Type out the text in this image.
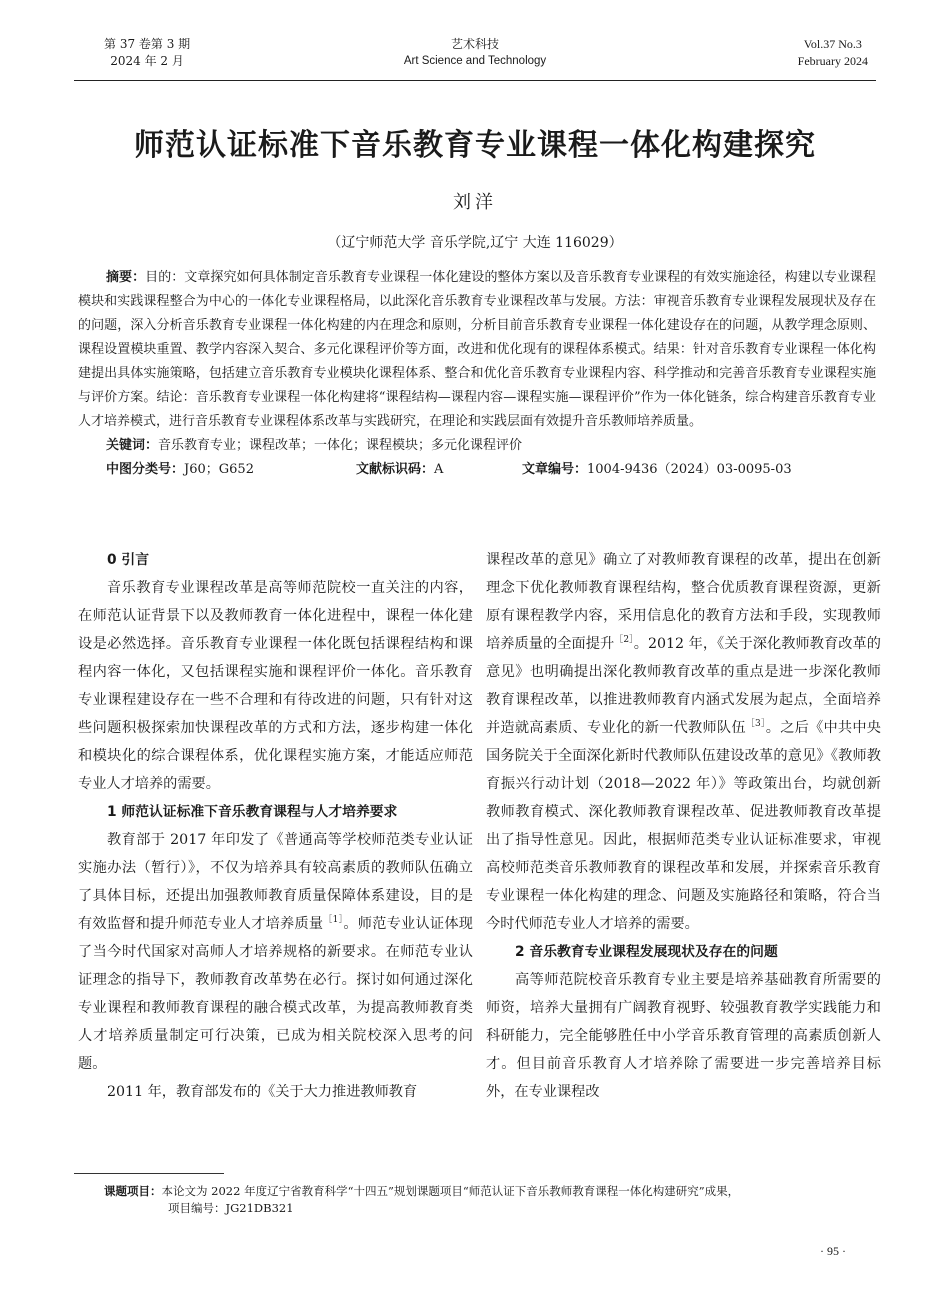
第 37 卷第 3 期
2024 年 2 月
艺术科技
Art Science and Technology
Vol.37 No.3
February 2024
师范认证标准下音乐教育专业课程一体化构建探究
刘洋
（辽宁师范大学 音乐学院,辽宁 大连 116029）
摘要：目的：文章探究如何具体制定音乐教育专业课程一体化建设的整体方案以及音乐教育专业课程的有效实施途径，构建以专业课程模块和实践课程整合为中心的一体化专业课程格局，以此深化音乐教育专业课程改革与发展。方法：审视音乐教育专业课程发展现状及存在的问题，深入分析音乐教育专业课程一体化构建的内在理念和原则，分析目前音乐教育专业课程一体化建设存在的问题，从教学理念原则、课程设置模块重置、教学内容深入契合、多元化课程评价等方面，改进和优化现有的课程体系模式。结果：针对音乐教育专业课程一体化构建提出具体实施策略，包括建立音乐教育专业模块化课程体系、整合和优化音乐教育专业课程内容、科学推动和完善音乐教育专业课程实施与评价方案。结论：音乐教育专业课程一体化构建将“课程结构—课程内容—课程实施—课程评价”作为一体化链条，综合构建音乐教育专业人才培养模式，进行音乐教育专业课程体系改革与实践研究，在理论和实践层面有效提升音乐教师培养质量。
关键词：音乐教育专业；课程改革；一体化；课程模块；多元化课程评价
中图分类号：J60；G652	文献标识码：A	文章编号：1004-9436（2024）03-0095-03
0 引言

音乐教育专业课程改革是高等师范院校一直关注的内容，在师范认证背景下以及教师教育一体化进程中，课程一体化建设是必然选择。音乐教育专业课程一体化既包括课程结构和课程内容一体化，又包括课程实施和课程评价一体化。音乐教育专业课程建设存在一些不合理和有待改进的问题，只有针对这些问题积极探索加快课程改革的方式和方法，逐步构建一体化和模块化的综合课程体系，优化课程实施方案，才能适应师范专业人才培养的需要。

1 师范认证标准下音乐教育课程与人才培养要求

教育部于 2017 年印发了《普通高等学校师范类专业认证实施办法（暂行）》，不仅为培养具有较高素质的教师队伍确立了具体目标，还提出加强教师教育质量保障体系建设，目的是有效监督和提升师范专业人才培养质量$^{[1]}$。师范专业认证体现了当今时代国家对高师人才培养规格的新要求。在师范专业认证理念的指导下，教师教育改革势在必行。探讨如何通过深化专业课程和教师教育课程的融合模式改革，为提高教师教育类人才培养质量制定可行决策，已成为相关院校深入思考的问题。

2011 年，教育部发布的《关于大力推进教师教育

课程改革的意见》确立了对教师教育课程的改革，提出在创新理念下优化教师教育课程结构，整合优质教育课程资源，更新原有课程教学内容，采用信息化的教育方法和手段，实现教师培养质量的全面提升$^{[2]}$。2012 年，《关于深化教师教育改革的意见》也明确提出深化教师教育改革的重点是进一步深化教师教育课程改革，以推进教师教育内涵式发展为起点，全面培养并造就高素质、专业化的新一代教师队伍$^{[3]}$。之后《中共中央国务院关于全面深化新时代教师队伍建设改革的意见》《教师教育振兴行动计划（2018—2022 年）》等政策出台，均就创新教师教育模式、深化教师教育课程改革、促进教师教育改革提出了指导性意见。因此，根据师范类专业认证标准要求，审视高校师范类音乐教师教育的课程改革和发展，并探索音乐教育专业课程一体化构建的理念、问题及实施路径和策略，符合当今时代师范专业人才培养的需要。

2 音乐教育专业课程发展现状及存在的问题

高等师范院校音乐教育专业主要是培养基础教育所需要的师资，培养大量拥有广阔教育视野、较强教育教学实践能力和科研能力，完全能够胜任中小学音乐教育管理的高素质创新人才。但目前音乐教育人才培养除了需要进一步完善培养目标外，在专业课程改

课题项目：本论文为 2022 年度辽宁省教育科学“十四五”规划课题项目“师范认证下音乐教师教育课程一体化构建研究”成果，
项目编号：JG21DB321
· 95 ·
